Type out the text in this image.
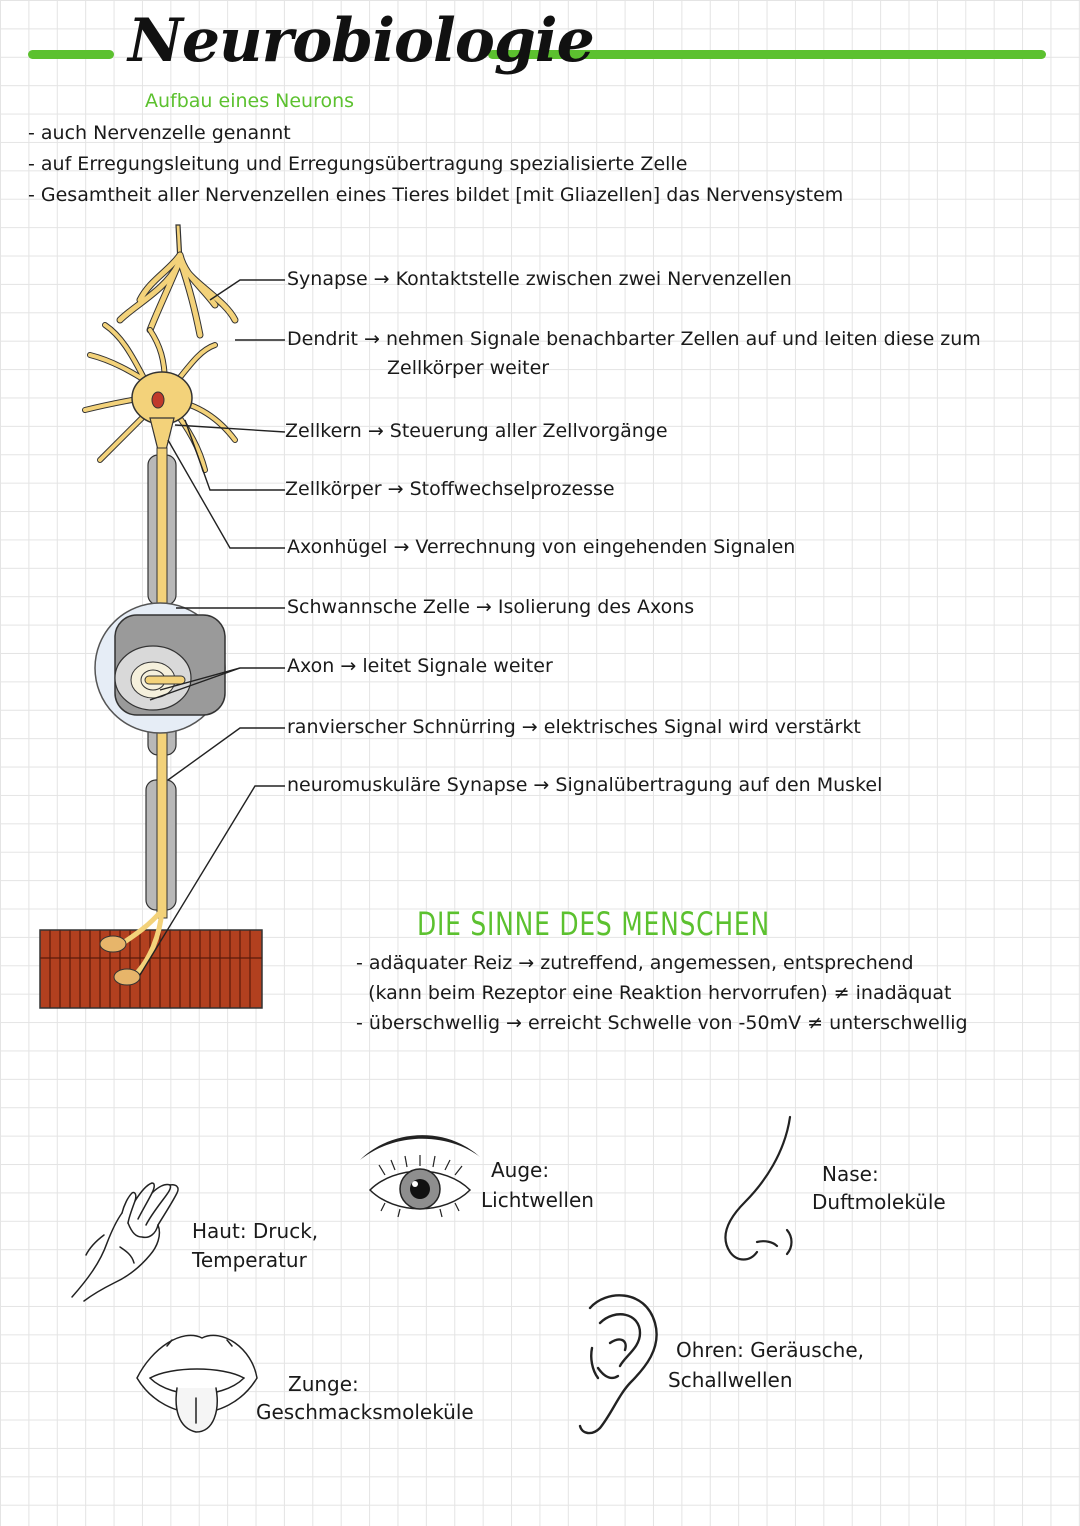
Neurobiologie
Aufbau eines Neurons
- auch Nervenzelle genannt
- auf Erregungsleitung und Erregungsübertragung spezialisierte Zelle
- Gesamtheit aller Nervenzellen eines Tieres bildet [mit Gliazellen] das Nervensystem
Synapse → Kontaktstelle zwischen zwei Nervenzellen
Dendrit → nehmen Signale benachbarter Zellen auf und leiten diese zum
Zellkörper weiter
Zellkern → Steuerung aller Zellvorgänge
Zellkörper → Stoffwechselprozesse
Axonhügel → Verrechnung von eingehenden Signalen
Schwannsche Zelle → Isolierung des Axons
Axon → leitet Signale weiter
ranvierscher Schnürring → elektrisches Signal wird verstärkt
neuromuskuläre Synapse → Signalübertragung auf den Muskel
DIE SINNE DES MENSCHEN
- adäquater Reiz → zutreffend, angemessen, entsprechend
(kann beim Rezeptor eine Reaktion hervorrufen) ≠ inadäquat
- überschwellig → erreicht Schwelle von -50mV ≠ unterschwellig
Haut: Druck,
Temperatur
Auge:
Lichtwellen
Nase:
Duftmoleküle
Zunge:
Geschmacksmoleküle
Ohren: Geräusche,
Schallwellen
